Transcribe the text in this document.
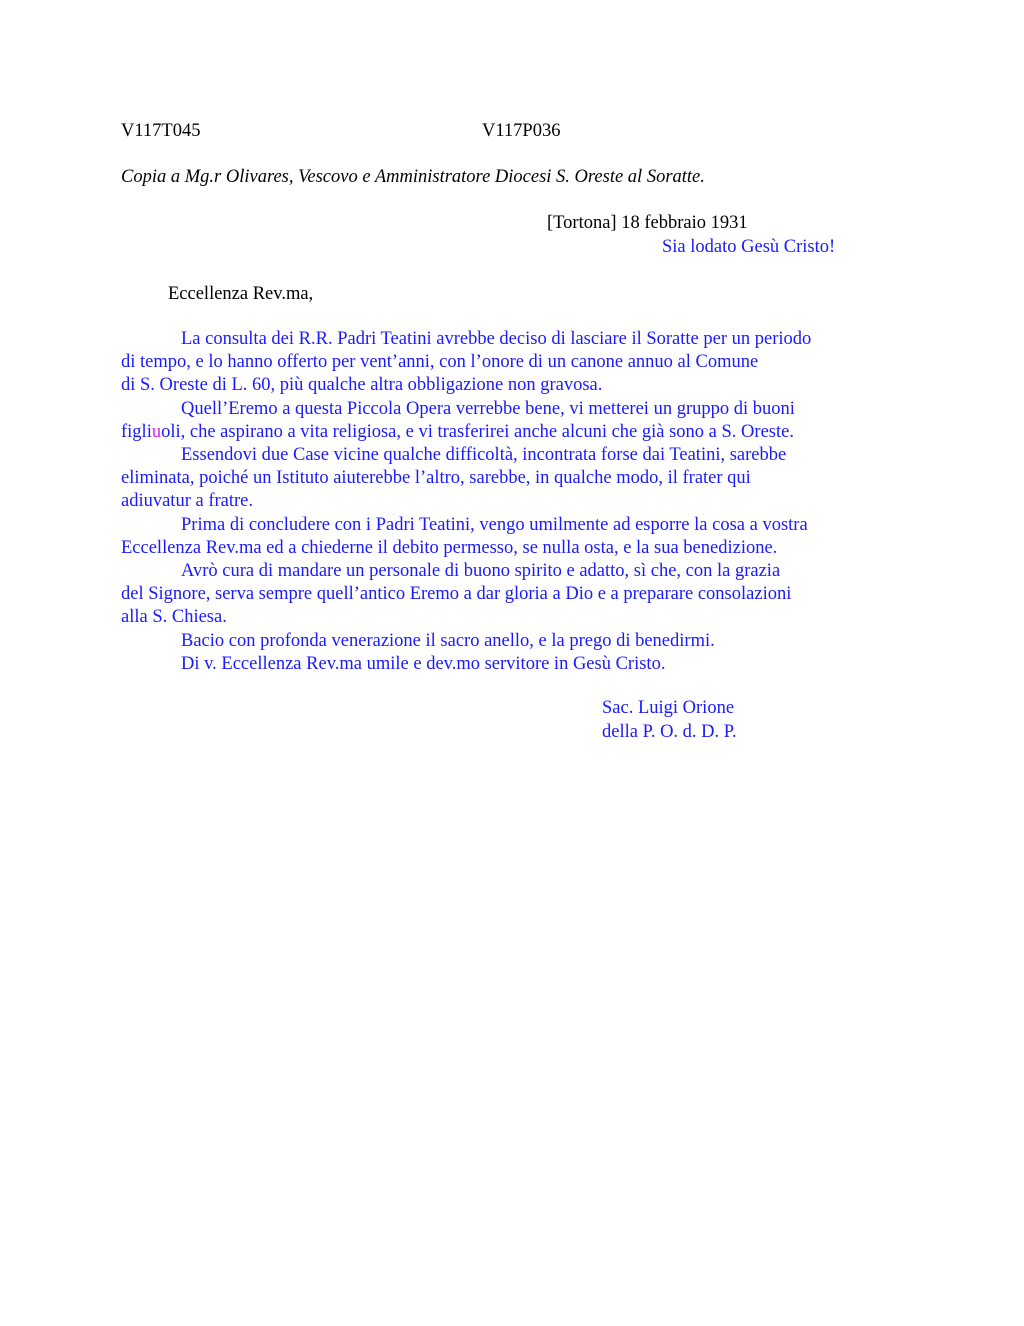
V117T045	V117P036
Copia a Mg.r Olivares, Vescovo e Amministratore Diocesi S. Oreste al Soratte.
[Tortona] 18 febbraio 1931
Sia lodato Gesù Cristo!
Eccellenza Rev.ma,
La consulta dei R.R. Padri Teatini avrebbe deciso di lasciare il Soratte per un periodo
di tempo, e lo hanno offerto per vent’anni, con l’onore di un canone annuo al Comune
di S. Oreste di L. 60, più qualche altra obbligazione non gravosa.
Quell’Eremo a questa Piccola Opera verrebbe bene, vi metterei un gruppo di buoni
figliuoli, che aspirano a vita religiosa, e vi trasferirei anche alcuni che già sono a S. Oreste.
Essendovi due Case vicine qualche difficoltà, incontrata forse dai Teatini, sarebbe
eliminata, poiché un Istituto aiuterebbe l’altro, sarebbe, in qualche modo, il frater qui
adiuvatur a fratre.
Prima di concludere con i Padri Teatini, vengo umilmente ad esporre la cosa a vostra
Eccellenza Rev.ma ed a chiederne il debito permesso, se nulla osta, e la sua benedizione.
Avrò cura di mandare un personale di buono spirito e adatto, sì che, con la grazia
del Signore, serva sempre quell’antico Eremo a dar gloria a Dio e a preparare consolazioni
alla S. Chiesa.
Bacio con profonda venerazione il sacro anello, e la prego di benedirmi.
Di v. Eccellenza Rev.ma umile e dev.mo servitore in Gesù Cristo.
Sac. Luigi Orione
della P. O. d. D. P.
